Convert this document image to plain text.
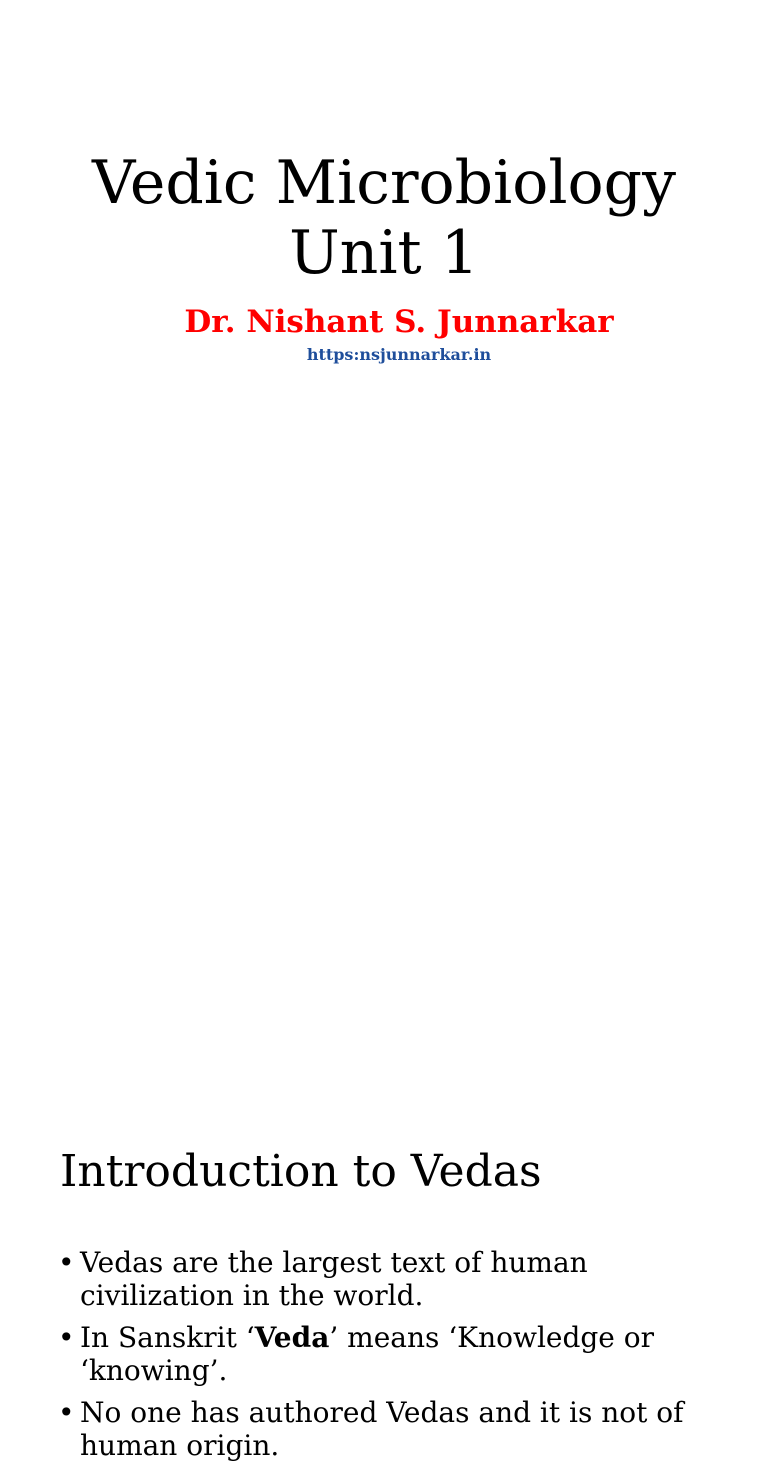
Vedic Microbiology
Unit 1
Dr. Nishant S. Junnarkar
https:nsjunnarkar.in
Introduction to Vedas
• Vedas are the largest text of human civilization in the world.
• In Sanskrit ‘Veda’ means ‘Knowledge or ‘knowing’.
• No one has authored Vedas and it is not of human origin.
